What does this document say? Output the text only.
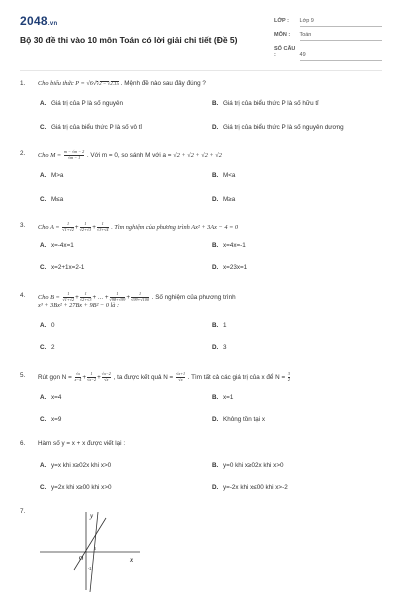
2048.vn
Bộ 30 đề thi vào 10 môn Toán có lời giải chi tiết (Đề 5)
LỚP : Lớp 9
MÔN : Toán
SỐ CÂU :	49
1. Cho biểu thức P = √6√√2 − √2.15 . Mệnh đề nào sau đây đúng ?
A. Giá trị của P là số nguyên	B. Giá trị của biểu thức P là số hữu tỉ
C. Giá trị của biểu thức P là số vô tỉ	D. Giá trị của biểu thức P là số nguyên dương
2. Cho $M = \frac{m - √m - 2}{√m - 1}$ . Với m = 0, so sánh M với a = √2 + √2 + √2 + √2
A. M>a	B. M<a
C. M≤a	D. M≥a
3. Cho $A = \frac{1}{√1+√2} + \frac{1}{√2+√3} + \frac{1}{√3+√4}$ . Tìm nghiệm của phương trình Ax² + 3Ax − 4 = 0
A. x=-4x=1	B. x=4x=-1
C. x=2+1x=2-1	D. x=23x=1
4. Cho $B = \frac{1}{√1+√2} + \frac{1}{√2+√3}$ + ... + $\frac{1}{√98+√99} + \frac{1}{√99+√100}$ . Số nghiệm của phương trình
x³ + 3Bx² + 27Bx + 9B² − 0 là :
A. 0	B. 1
C. 2	D. 3
5. Rút gọn $N = \frac{√x}{x-4} + \frac{1}{√x-2} + \frac{√x-2}{√x}$ , ta được kết quả $N = \frac{√x+1}{√x}$ . Tìm tất cả các giá trị của x để $N = \frac{3}{2}$
A. x=4	B. x=1
C. x=9	D. Không tồn tại x
6. Hàm số y = x + x được viết lại :
A. y=x khi x≥02x khi x>0	B. y=0 khi x≥02x khi x>0
C. y=2x khi x≥00 khi x>0	D. y=-2x khi x≤00 khi x>-2
7.
y
x
O
1
-2
